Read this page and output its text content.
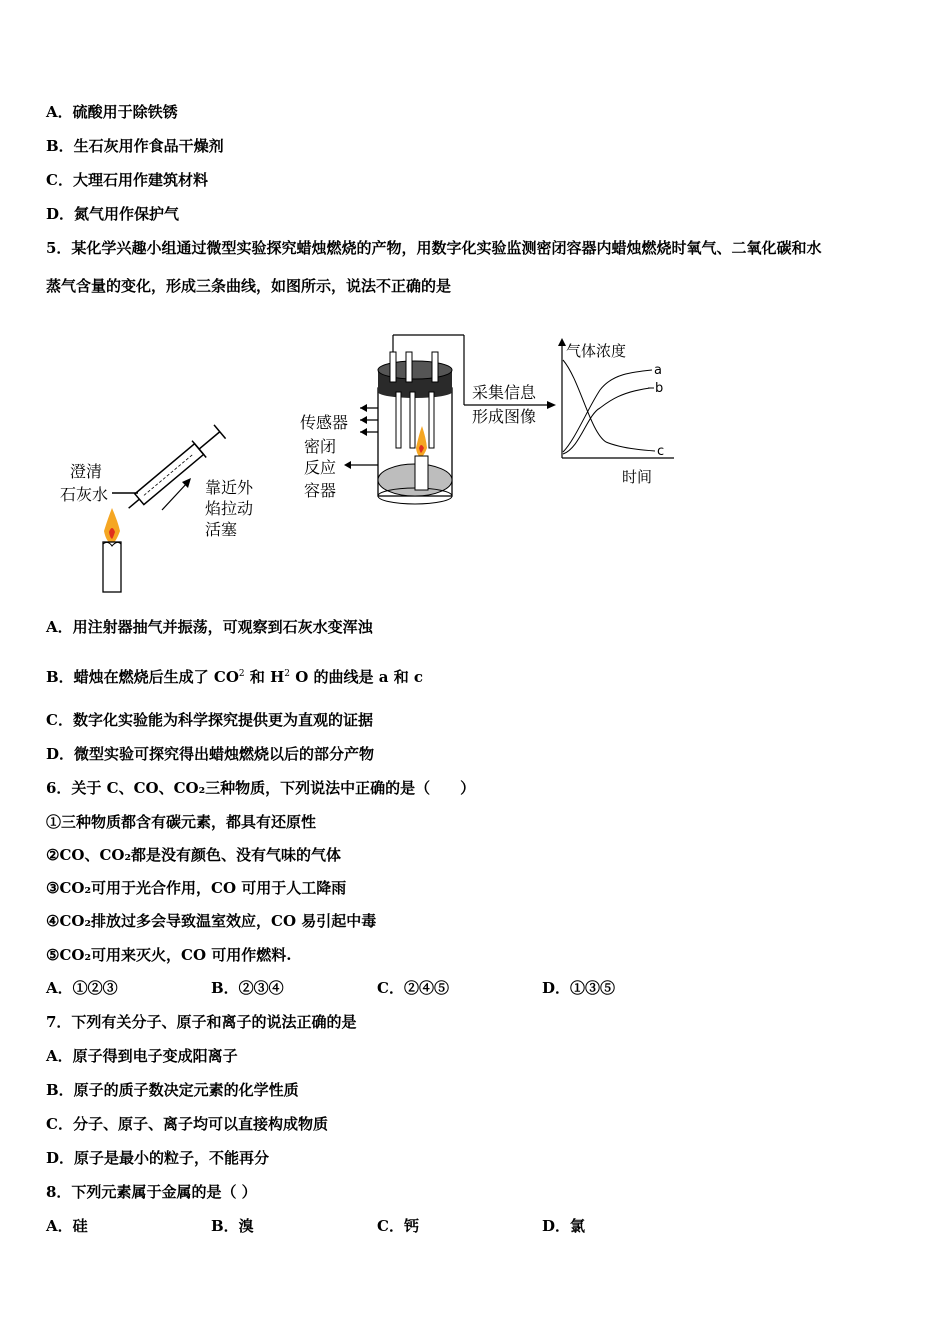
A．硫酸用于除铁锈
B．生石灰用作食品干燥剂
C．大理石用作建筑材料
D．氮气用作保护气
5．某化学兴趣小组通过微型实验探究蜡烛燃烧的产物，用数字化实验监测密闭容器内蜡烛燃烧时氧气、二氧化碳和水
蒸气含量的变化，形成三条曲线，如图所示，说法不正确的是
澄清
石灰水	靠近外
焰拉动
活塞
传感器
密闭
反应
容器
采集信息
形成图像
气体浓度
时间
a
b
c
A．用注射器抽气并振荡，可观察到石灰水变浑浊
B．蜡烛在燃烧后生成了 $CO^2$ 和 $H^2$ O 的曲线是 a 和 c
C．数字化实验能为科学探究提供更为直观的证据
D．微型实验可探究得出蜡烛燃烧以后的部分产物
6．关于 C、CO、CO₂三种物质，下列说法中正确的是（　　）
①三种物质都含有碳元素，都具有还原性
②CO、CO₂都是没有颜色、没有气味的气体
③CO₂可用于光合作用，CO 可用于人工降雨
④CO₂排放过多会导致温室效应，CO 易引起中毒
⑤CO₂可用来灭火，CO 可用作燃料.
A．①②③	B．②③④	C．②④⑤	D．①③⑤
7．下列有关分子、原子和离子的说法正确的是
A．原子得到电子变成阳离子
B．原子的质子数决定元素的化学性质
C．分子、原子、离子均可以直接构成物质
D．原子是最小的粒子，不能再分
8．下列元素属于金属的是（ ）
A．硅	B．溴	C．钙	D．氯
